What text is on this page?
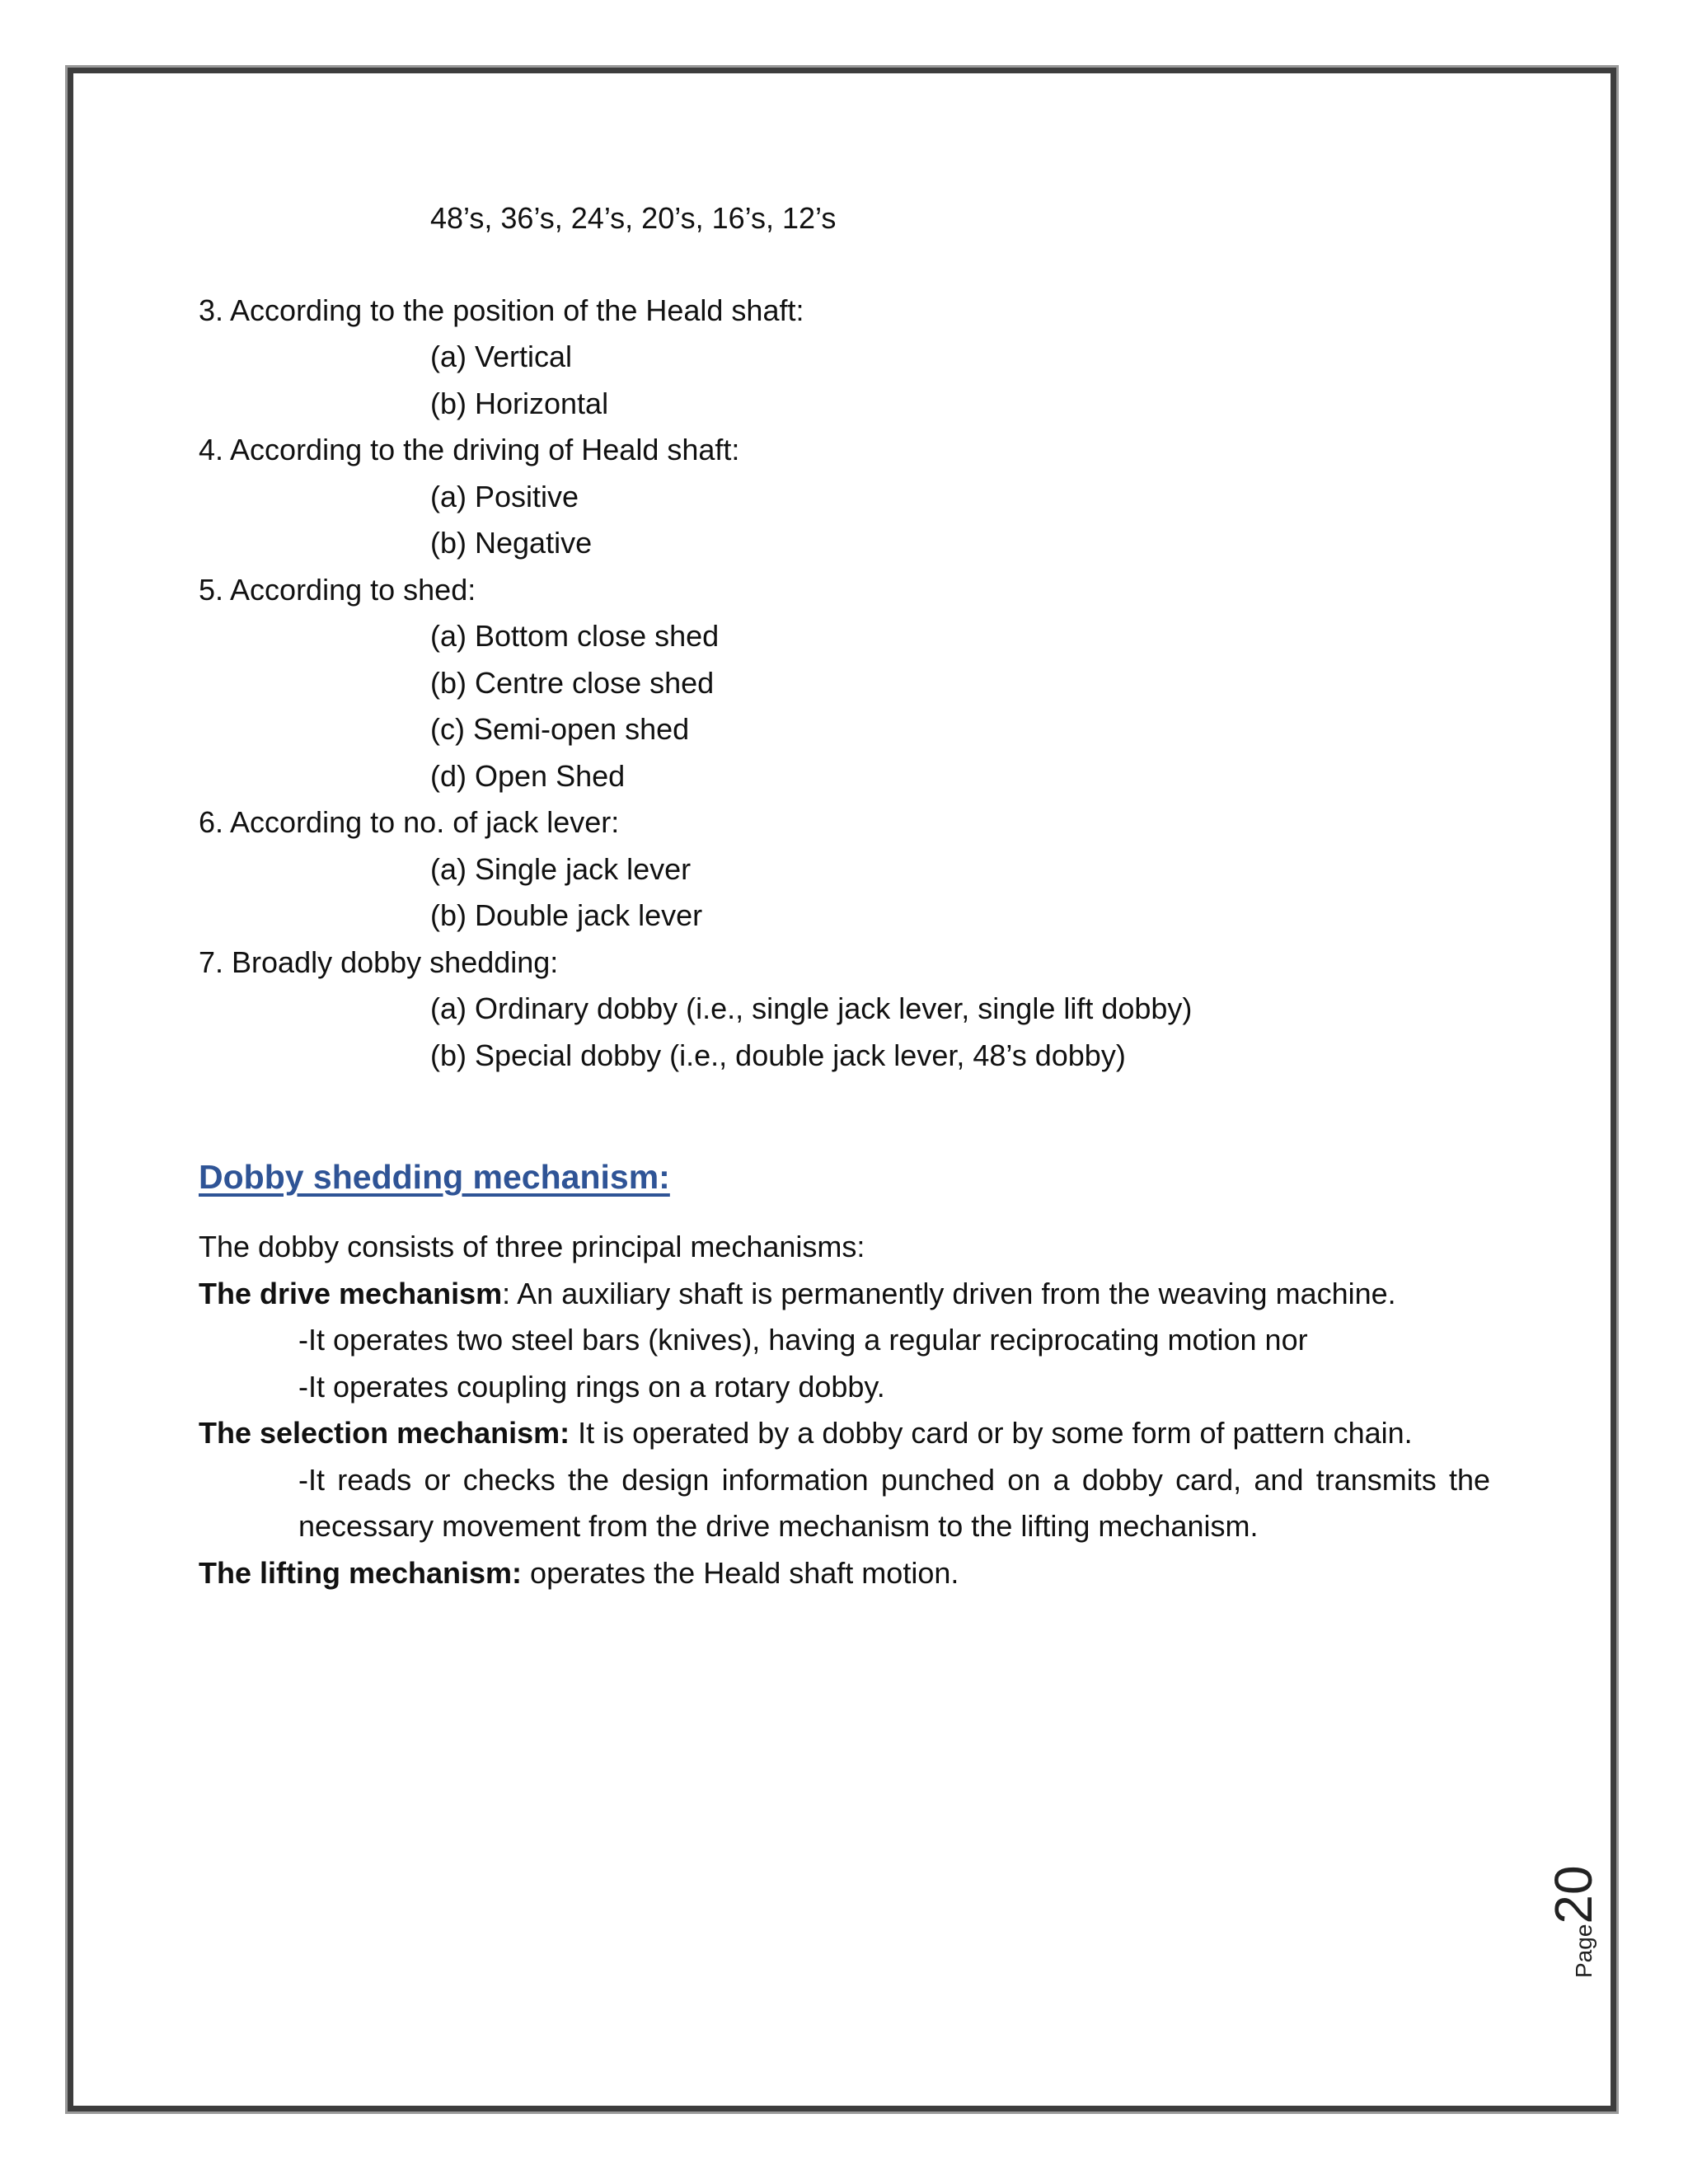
48’s, 36’s, 24’s, 20’s, 16’s, 12’s
3. According to the position of the Heald shaft:
(a) Vertical
(b) Horizontal
4. According to the driving of Heald shaft:
(a) Positive
(b) Negative
5. According to shed:
(a) Bottom close shed
(b) Centre close shed
(c) Semi-open shed
(d) Open Shed
6. According to no. of jack lever:
(a) Single jack lever
(b) Double jack lever
7. Broadly dobby shedding:
(a) Ordinary dobby (i.e., single jack lever, single lift dobby)
(b) Special dobby (i.e., double jack lever, 48’s dobby)
Dobby shedding mechanism:
The dobby consists of three principal mechanisms:
The drive mechanism: An auxiliary shaft is permanently driven from the weaving machine.
-It operates two steel bars (knives), having a regular reciprocating motion nor
-It operates coupling rings on a rotary dobby.
The selection mechanism: It is operated by a dobby card or by some form of pattern chain.
-It reads or checks the design information punched on a dobby card, and transmits the
necessary movement from the drive mechanism to the lifting mechanism.
The lifting mechanism: operates the Heald shaft motion.
Page20
